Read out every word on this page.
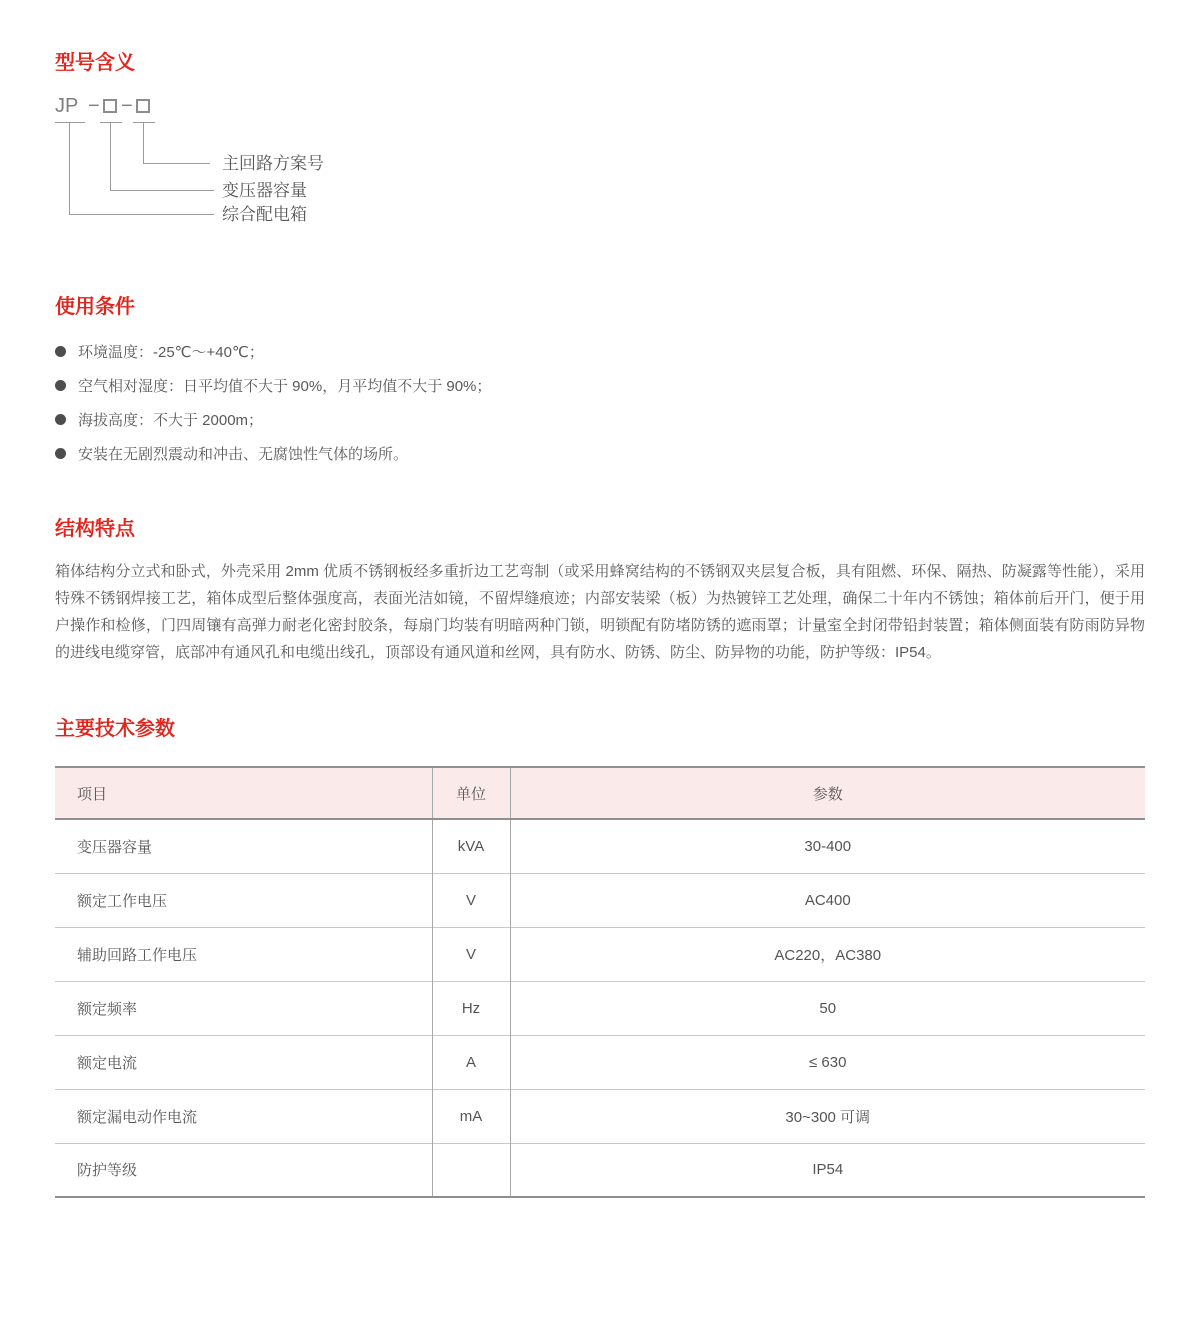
型号含义
JP − −
主回路方案号
变压器容量
综合配电箱
使用条件
环境温度：-25℃～+40℃；
空气相对湿度：日平均值不大于 90%，月平均值不大于 90%；
海拔高度：不大于 2000m；
安装在无剧烈震动和冲击、无腐蚀性气体的场所。
结构特点

箱体结构分立式和卧式，外壳采用 2mm 优质不锈钢板经多重折边工艺弯制（或采用蜂窝结构的不锈钢双夹层复合板，具有阻燃、环保、隔热、防凝露等性能），采用特殊不锈钢焊接工艺，箱体成型后整体强度高，表面光洁如镜，不留焊缝痕迹；内部安装梁（板）为热镀锌工艺处理，确保二十年内不锈蚀；箱体前后开门，便于用户操作和检修，门四周镶有高弹力耐老化密封胶条，每扇门均装有明暗两种门锁，明锁配有防堵防锈的遮雨罩；计量室全封闭带铅封装置；箱体侧面装有防雨防异物的进线电缆穿管，底部冲有通风孔和电缆出线孔，顶部设有通风道和丝网，具有防水、防锈、防尘、防异物的功能，防护等级：IP54。

主要技术参数
项目	单位	参数
变压器容量	kVA	30-400
额定工作电压	V	AC400
辅助回路工作电压	V	AC220，AC380
额定频率	Hz	50
额定电流	A	≤ 630
额定漏电动作电流	mA	30~300 可调
防护等级		IP54
